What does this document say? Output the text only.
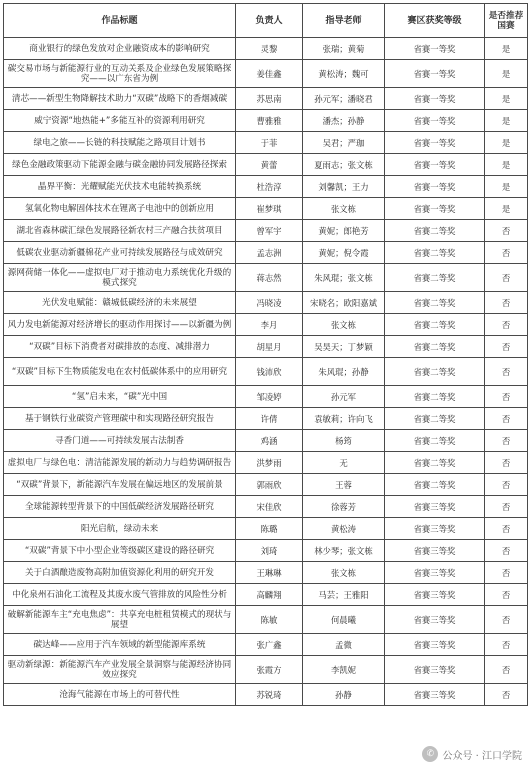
作品标题	负责人	指导老师	赛区获奖等级	是否推荐国赛
商业银行的绿色发放对企业融资成本的影响研究	灵黎	张瑞；黄菊	省赛一等奖	是
碳交易市场与新能源行业的互动关系及企业绿色发展策略探究——以广东省为例	姜佳鑫	黄松涛；魏可	省赛一等奖	是
清芯——新型生物降解技术助力“双碳”战略下的香烟减碳	苏思南	孙元军；潘晓君	省赛一等奖	是
威宁资源“地热能+”多能互补的资源利用研究	曹雅雅	潘杰；孙静	省赛一等奖	是
绿电之旅——长链的科技赋能之路项目计划书	于菲	吴君；严珈	省赛一等奖	是
绿色金融政策驱动下能源金融与碳金融协同发展路径探索	黄蕾	夏雨志；张文栋	省赛一等奖	是
晶界平衡：光耀赋能光伏技术电能转换系统	杜浩淳	刘馨凯；王力	省赛一等奖	是
氢氧化物电解固体技术在锂离子电池中的创新应用	崔梦琪	张文栋	省赛一等奖	是
湖北省森林碳汇绿色发展路径新农村三产融合扶贫项目	曾军宇	黄妮；郎艳芳	省赛二等奖	否
低碳农业驱动新疆棉花产业可持续发展路径与成效研究	孟志洲	黄妮；倪令霞	省赛二等奖	否
源网荷储一体化——虚拟电厂对于推动电力系统优化升级的模式探究	蒋志然	朱风琨；张文栋	省赛二等奖	否
光伏发电赋能：赣城低碳经济的未来展望	冯晓凌	宋晓名；欧阳嘉斌	省赛二等奖	否
风力发电新能源对经济增长的驱动作用探讨——以新疆为例	李月	张文栋	省赛二等奖	否
“双碳”目标下消费者对碳排放的态度、减排潜力	胡星月	吴昊天；丁梦颖	省赛二等奖	否
“双碳”目标下生物质能发电在农村低碳体系中的应用研究	钱沛欣	朱风琨；孙静	省赛二等奖	否
“氢”启未来，“碳”光中国	邹凌婷	孙元军	省赛二等奖	否
基于钢铁行业碳资产管理碳中和实现路径研究报告	许倩	袁敏莉；许向飞	省赛二等奖	否
寻香门道——可持续发展古法制香	鸡涵	杨筠	省赛二等奖	否
虚拟电厂与绿色电：清洁能源发展的新动力与趋势调研报告	洪梦雨	无	省赛二等奖	否
“双碳”背景下，新能源汽车发展在偏远地区的发展前景	郭雨欣	王蓉	省赛二等奖	否
全球能源转型背景下的中国低碳经济发展路径研究	宋佳欣	徐蓉芳	省赛三等奖	否
阳光启航，绿动未来	陈璐	黄松涛	省赛三等奖	否
“双碳”背景下中小型企业等级碳区建设的路径研究	刘琦	林少琴；张文栋	省赛三等奖	否
关于白酒酿造废物高附加值资源化利用的研究开发	王琳琳	张文栋	省赛三等奖	否
中化泉州石油化工流程及其废水废气管排放的风险性分析	高麟翔	马芸；王雅阳	省赛三等奖	否
破解新能源车主“充电焦虑”：共享充电桩租赁模式的现状与展望	陈敏	何晨曦	省赛三等奖	否
碳达峰——应用于汽车领域的新型能源库系统	张广鑫	孟微	省赛三等奖	否
驱动新绿源：新能源汽车产业发展全景洞察与能源经济协同效应探究	张霞方	李凯妮	省赛三等奖	否
沧海气能源在市场上的可替代性	苏锐琦	孙静	省赛三等奖	否
✆ 公众号 · 江口学院
